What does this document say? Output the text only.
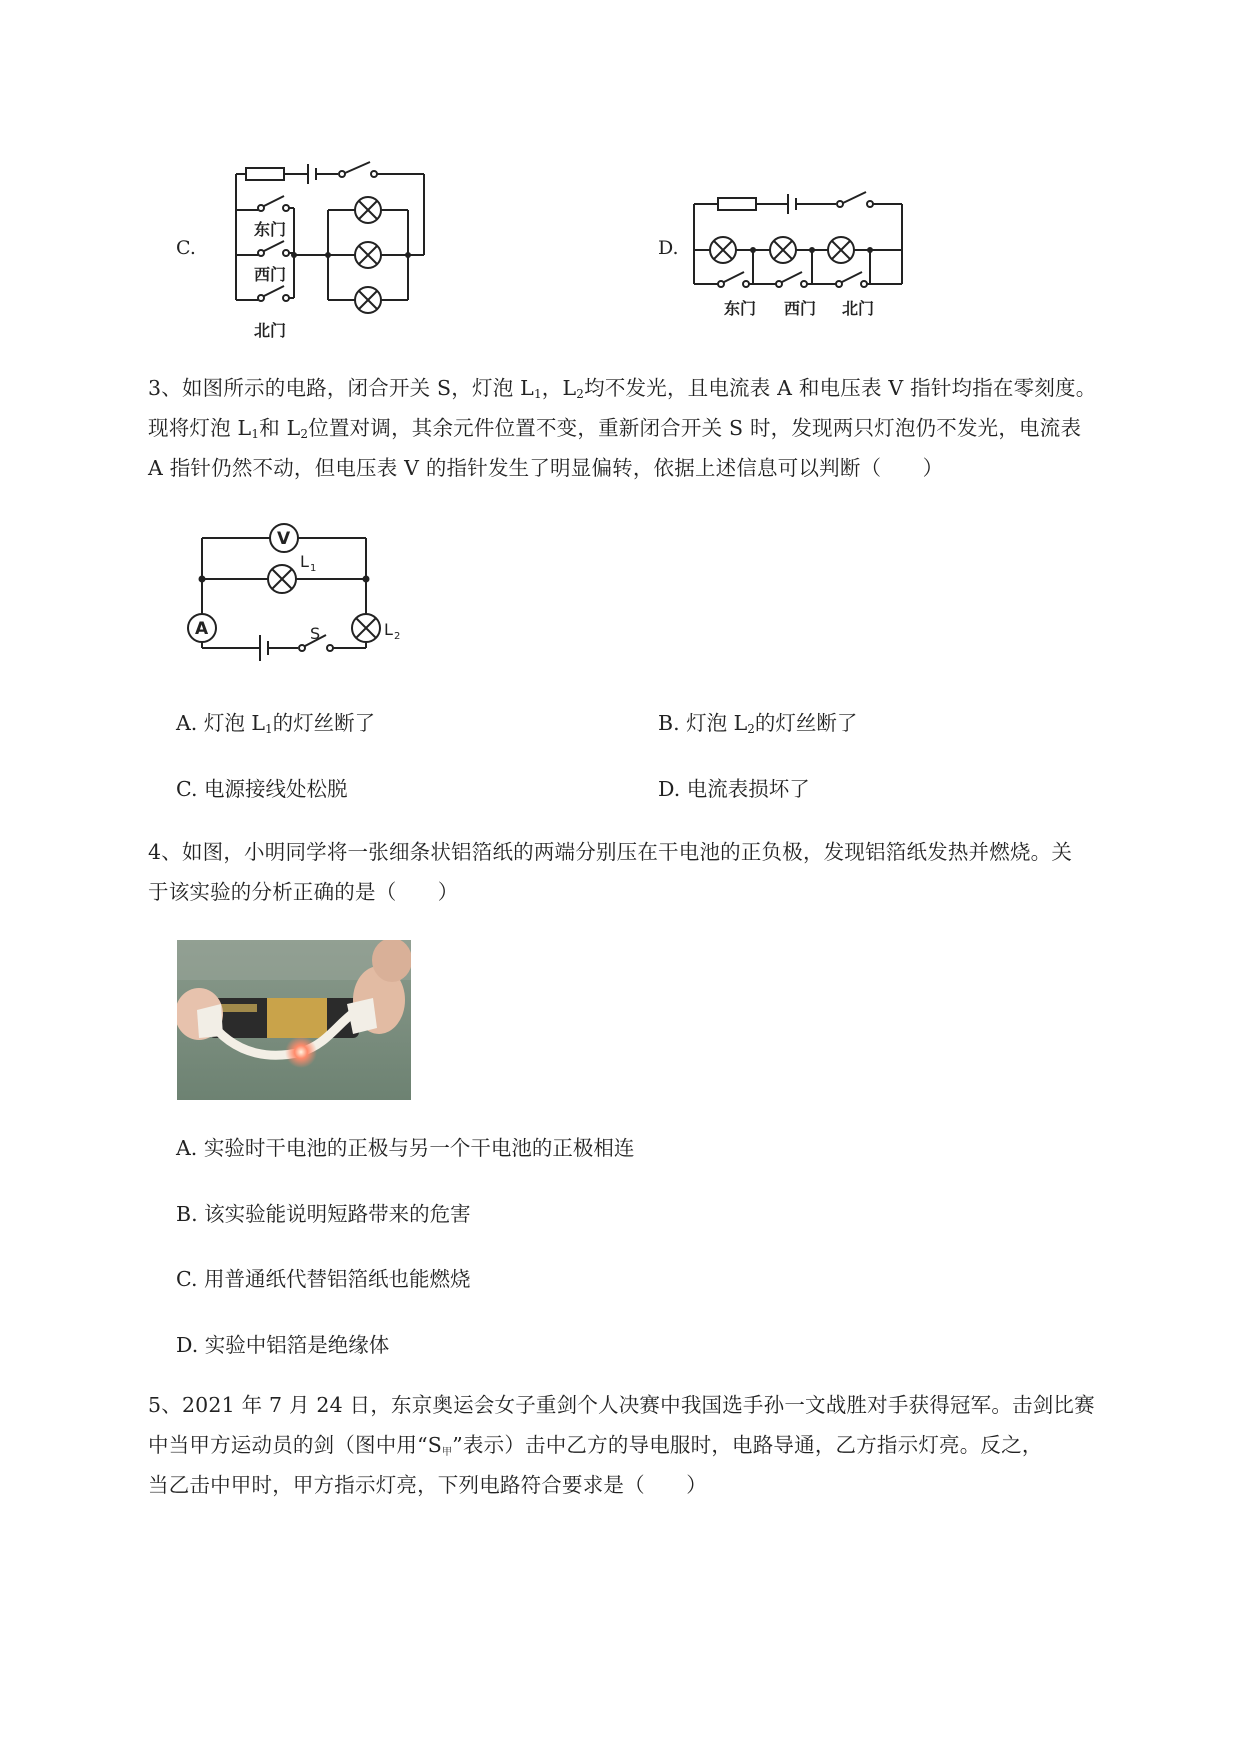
C.
东门
西门
北门
D.
东门 西门 北门
3、如图所示的电路，闭合开关 S，灯泡 $L_1$，$L_2$均不发光，且电流表 A 和电压表 V 指针均指在零刻度。
现将灯泡 $L_1$和 $L_2$位置对调，其余元件位置不变，重新闭合开关 S 时，发现两只灯泡仍不发光，电流表
A 指针仍然不动，但电压表 V 的指针发生了明显偏转，依据上述信息可以判断（　　）
V
A
L 1
L 2
S
A. 灯泡 $L_1$的灯丝断了	B. 灯泡 $L_2$的灯丝断了
C. 电源接线处松脱	D. 电流表损坏了
4、如图，小明同学将一张细条状铝箔纸的两端分别压在干电池的正负极，发现铝箔纸发热并燃烧。关
于该实验的分析正确的是（　　）
A. 实验时干电池的正极与另一个干电池的正极相连
B. 该实验能说明短路带来的危害
C. 用普通纸代替铝箔纸也能燃烧
D. 实验中铝箔是绝缘体
5、2021 年 7 月 24 日，东京奥运会女子重剑个人决赛中我国选手孙一文战胜对手获得冠军。击剑比赛
中当甲方运动员的剑（图中用“$S_甲$”表示）击中乙方的导电服时，电路导通，乙方指示灯亮。反之，
当乙击中甲时，甲方指示灯亮，下列电路符合要求是（　　）
